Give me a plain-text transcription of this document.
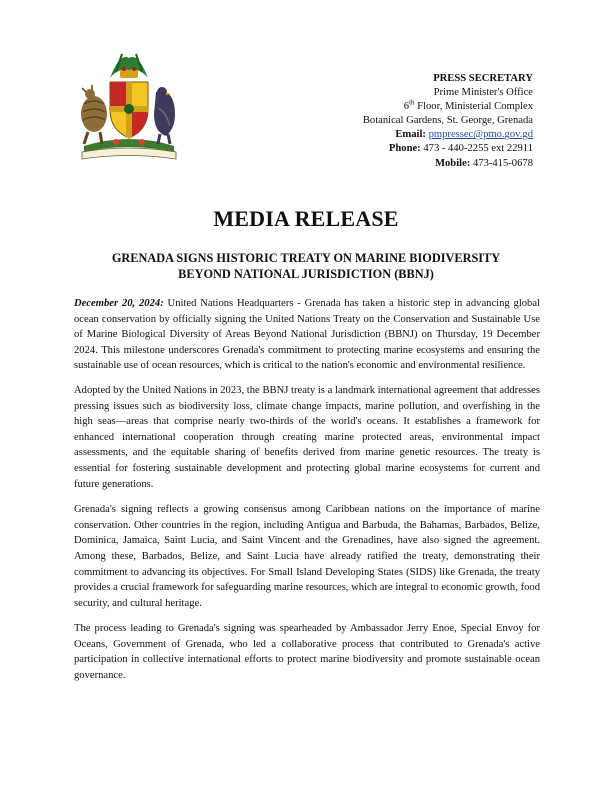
PRESS SECRETARY
Prime Minister's Office
6th Floor, Ministerial Complex
Botanical Gardens, St. George, Grenada
Email: pmpressec@pmo.gov.gd
Phone: 473 - 440-2255 ext 22911
Mobile: 473-415-0678
MEDIA RELEASE
GRENADA SIGNS HISTORIC TREATY ON MARINE BIODIVERSITY
BEYOND NATIONAL JURISDICTION (BBNJ)

December 20, 2024: United Nations Headquarters - Grenada has taken a historic step in advancing global ocean conservation by officially signing the United Nations Treaty on the Conservation and Sustainable Use of Marine Biological Diversity of Areas Beyond National Jurisdiction (BBNJ) on Thursday, 19 December 2024. This milestone underscores Grenada's commitment to protecting marine ecosystems and ensuring the sustainable use of ocean resources, which is critical to the nation's economic and environmental resilience.

Adopted by the United Nations in 2023, the BBNJ treaty is a landmark international agreement that addresses pressing issues such as biodiversity loss, climate change impacts, marine pollution, and overfishing in the high seas—areas that comprise nearly two-thirds of the world's oceans. It establishes a framework for enhanced international cooperation through creating marine protected areas, environmental impact assessments, and the equitable sharing of benefits derived from marine genetic resources. The treaty is essential for fostering sustainable development and protecting global marine ecosystems for current and future generations.

Grenada's signing reflects a growing consensus among Caribbean nations on the importance of marine conservation. Other countries in the region, including Antigua and Barbuda, the Bahamas, Barbados, Belize, Dominica, Jamaica, Saint Lucia, and Saint Vincent and the Grenadines, have also signed the agreement. Among these, Barbados, Belize, and Saint Lucia have already ratified the treaty, demonstrating their commitment to advancing its objectives. For Small Island Developing States (SIDS) like Grenada, the treaty provides a crucial framework for safeguarding marine resources, which are integral to economic growth, food security, and cultural heritage.

The process leading to Grenada's signing was spearheaded by Ambassador Jerry Enoe, Special Envoy for Oceans, Government of Grenada, who led a collaborative process that contributed to Grenada's active participation in collective international efforts to protect marine biodiversity and promote sustainable ocean governance.
